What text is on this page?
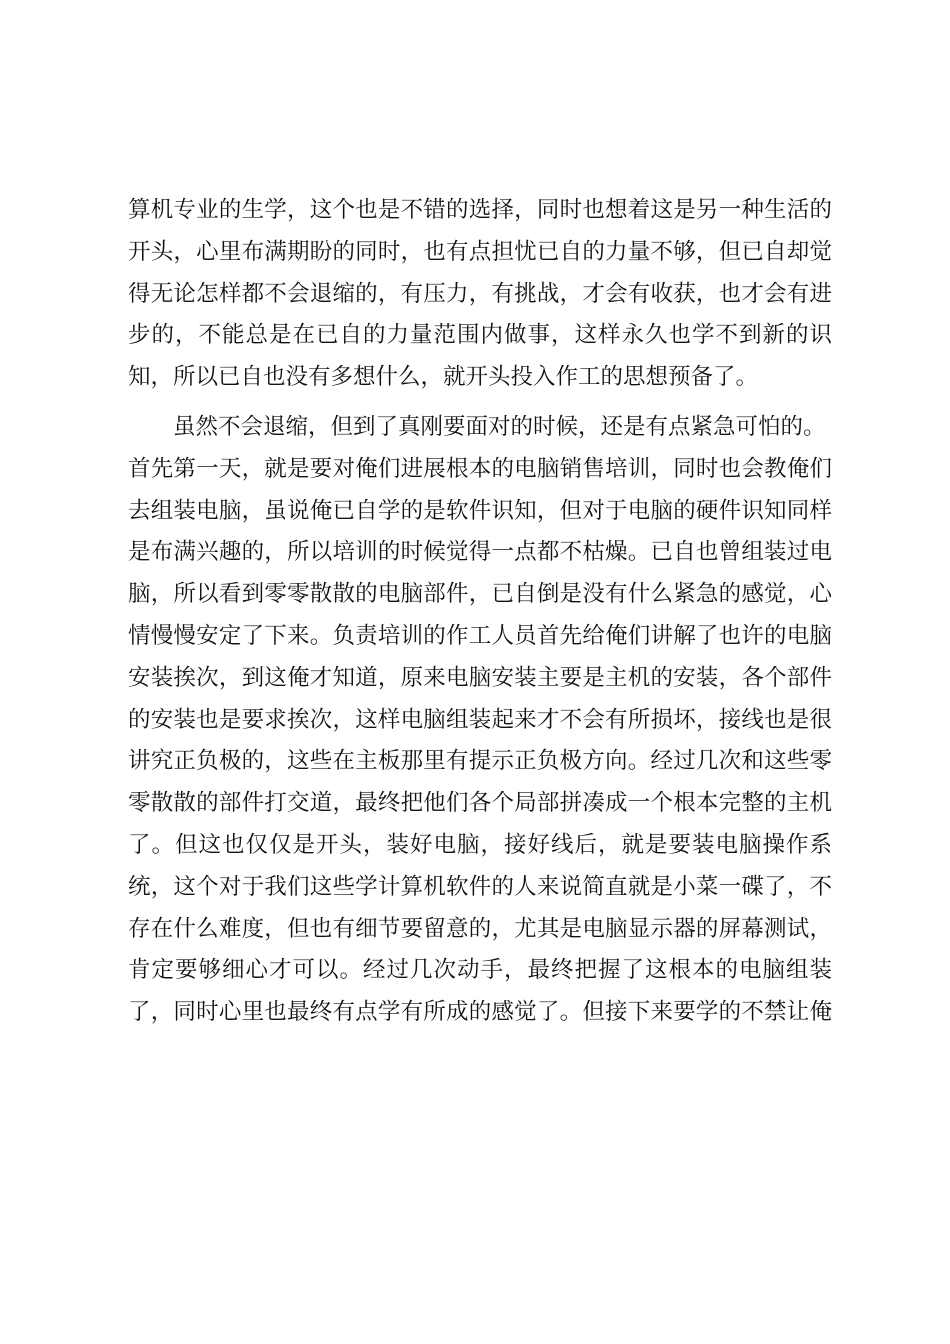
算机专业的生学，这个也是不错的选择，同时也想着这是另一种生活的
开头，心里布满期盼的同时，也有点担忧已自的力量不够，但已自却觉
得无论怎样都不会退缩的，有压力，有挑战，才会有收获，也才会有进
步的，不能总是在已自的力量范围内做事，这样永久也学不到新的识
知，所以已自也没有多想什么，就开头投入作工的思想预备了。
虽然不会退缩，但到了真刚要面对的时候，还是有点紧急可怕的。
首先第一天，就是要对俺们进展根本的电脑销售培训，同时也会教俺们
去组装电脑，虽说俺已自学的是软件识知，但对于电脑的硬件识知同样
是布满兴趣的，所以培训的时候觉得一点都不枯燥。已自也曾组装过电
脑，所以看到零零散散的电脑部件，已自倒是没有什么紧急的感觉，心
情慢慢安定了下来。负责培训的作工人员首先给俺们讲解了也许的电脑
安装挨次，到这俺才知道，原来电脑安装主要是主机的安装，各个部件
的安装也是要求挨次，这样电脑组装起来才不会有所损坏，接线也是很
讲究正负极的，这些在主板那里有提示正负极方向。经过几次和这些零
零散散的部件打交道，最终把他们各个局部拼凑成一个根本完整的主机
了。但这也仅仅是开头，装好电脑，接好线后，就是要装电脑操作系
统，这个对于我们这些学计算机软件的人来说简直就是小菜一碟了，不
存在什么难度，但也有细节要留意的，尤其是电脑显示器的屏幕测试，
肯定要够细心才可以。经过几次动手，最终把握了这根本的电脑组装
了，同时心里也最终有点学有所成的感觉了。但接下来要学的不禁让俺
